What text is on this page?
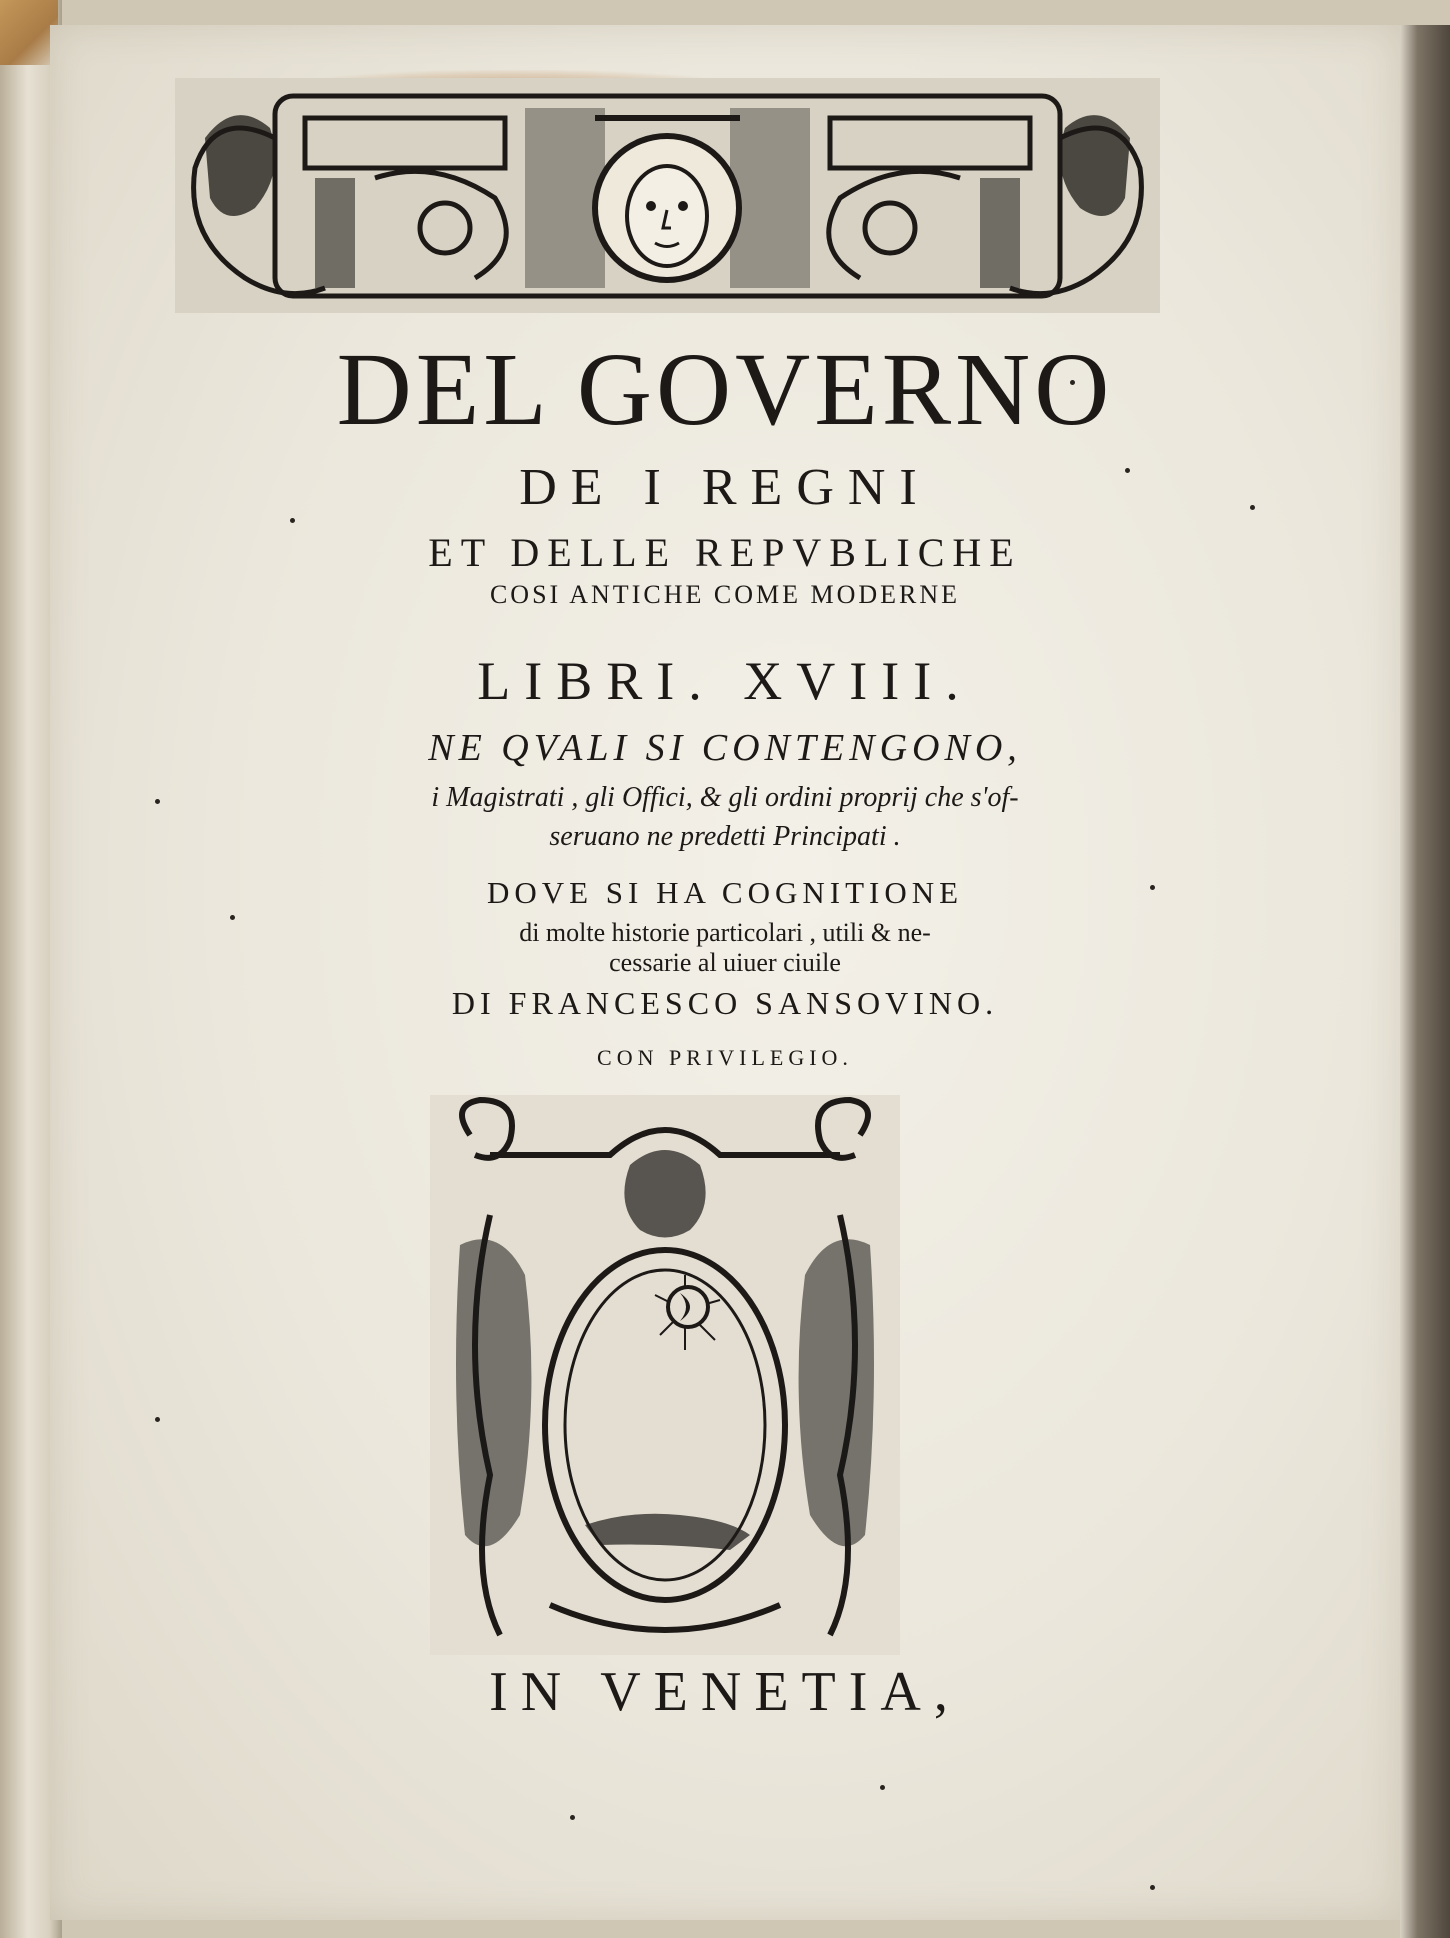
DEL GOVERNO
DE I REGNI
ET DELLE REPVBLICHE
COSI ANTICHE COME MODERNE
LIBRI. XVIII.
NE QVALI SI CONTENGONO,
i Magistrati , gli Offici, & gli ordini proprij che s'of-
seruano ne predetti Principati .
DOVE SI HA COGNITIONE
di molte historie particolari , utili & ne-
cessarie al uiuer ciuile
DI FRANCESCO SANSOVINO.
CON PRIVILEGIO.
IN VENETIA,
